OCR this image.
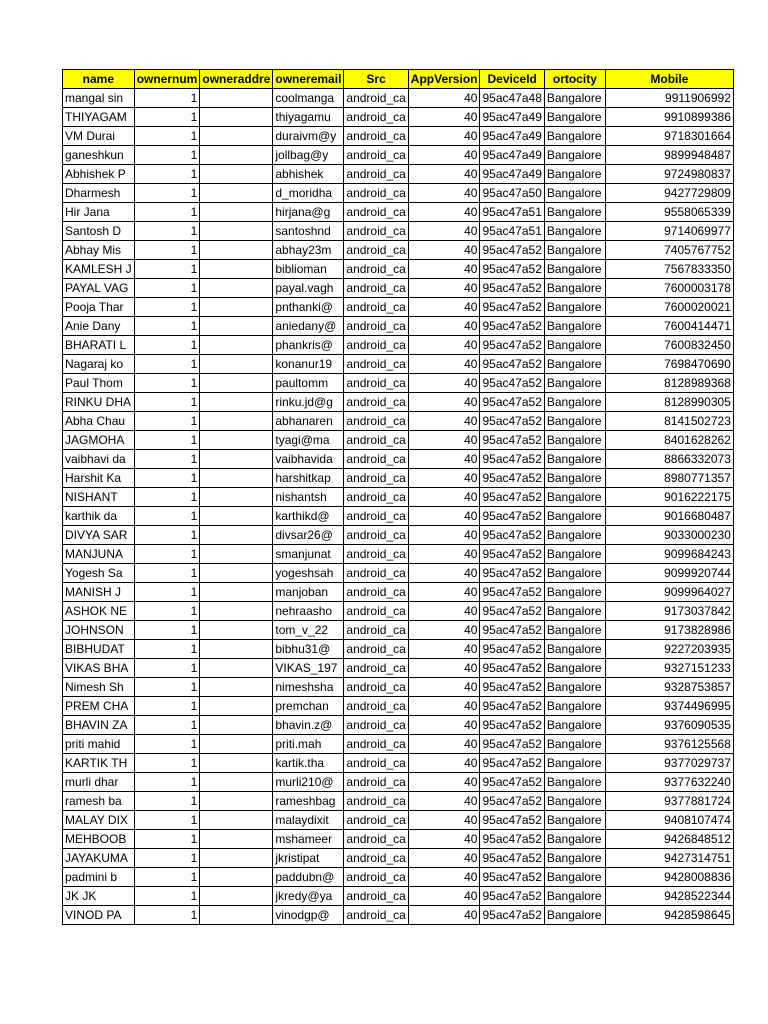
name	ownernum	owneraddre	owneremail	Src	AppVersion	DeviceId	ortocity	Mobile
mangal sin	1		coolmanga	android_ca	40	95ac47a48	Bangalore	9911906992
THIYAGAM	1		thiyagamu	android_ca	40	95ac47a49	Bangalore	9910899386
VM Durai	1		duraivm@y	android_ca	40	95ac47a49	Bangalore	9718301664
ganeshkun	1		jollbag@y	android_ca	40	95ac47a49	Bangalore	9899948487
Abhishek P	1		abhishek	android_ca	40	95ac47a49	Bangalore	9724980837
Dharmesh	1		d_moridha	android_ca	40	95ac47a50	Bangalore	9427729809
Hir Jana	1		hirjana@g	android_ca	40	95ac47a51	Bangalore	9558065339
Santosh D	1		santoshnd	android_ca	40	95ac47a51	Bangalore	9714069977
Abhay Mis	1		abhay23m	android_ca	40	95ac47a52	Bangalore	7405767752
KAMLESH J	1		biblioman	android_ca	40	95ac47a52	Bangalore	7567833350
PAYAL VAG	1		payal.vagh	android_ca	40	95ac47a52	Bangalore	7600003178
Pooja Thar	1		pnthanki@	android_ca	40	95ac47a52	Bangalore	7600020021
Anie Dany	1		aniedany@	android_ca	40	95ac47a52	Bangalore	7600414471
BHARATI L	1		phankris@	android_ca	40	95ac47a52	Bangalore	7600832450
Nagaraj ko	1		konanur19	android_ca	40	95ac47a52	Bangalore	7698470690
Paul Thom	1		paultomm	android_ca	40	95ac47a52	Bangalore	8128989368
RINKU DHA	1		rinku.jd@g	android_ca	40	95ac47a52	Bangalore	8128990305
Abha Chau	1		abhanaren	android_ca	40	95ac47a52	Bangalore	8141502723
JAGMOHA	1		tyagi@ma	android_ca	40	95ac47a52	Bangalore	8401628262
vaibhavi da	1		vaibhavida	android_ca	40	95ac47a52	Bangalore	8866332073
Harshit Ka	1		harshitkap	android_ca	40	95ac47a52	Bangalore	8980771357
NISHANT	1		nishantsh	android_ca	40	95ac47a52	Bangalore	9016222175
karthik da	1		karthikd@	android_ca	40	95ac47a52	Bangalore	9016680487
DIVYA SAR	1		divsar26@	android_ca	40	95ac47a52	Bangalore	9033000230
MANJUNA	1		smanjunat	android_ca	40	95ac47a52	Bangalore	9099684243
Yogesh Sa	1		yogeshsah	android_ca	40	95ac47a52	Bangalore	9099920744
MANISH J	1		manjoban	android_ca	40	95ac47a52	Bangalore	9099964027
ASHOK NE	1		nehraasho	android_ca	40	95ac47a52	Bangalore	9173037842
JOHNSON	1		tom_v_22	android_ca	40	95ac47a52	Bangalore	9173828986
BIBHUDAT	1		bibhu31@	android_ca	40	95ac47a52	Bangalore	9227203935
VIKAS BHA	1		VIKAS_197	android_ca	40	95ac47a52	Bangalore	9327151233
Nimesh Sh	1		nimeshsha	android_ca	40	95ac47a52	Bangalore	9328753857
PREM CHA	1		premchan	android_ca	40	95ac47a52	Bangalore	9374496995
BHAVIN ZA	1		bhavin.z@	android_ca	40	95ac47a52	Bangalore	9376090535
priti mahid	1		priti.mah	android_ca	40	95ac47a52	Bangalore	9376125568
KARTIK TH	1		kartik.tha	android_ca	40	95ac47a52	Bangalore	9377029737
murli dhar	1		murli210@	android_ca	40	95ac47a52	Bangalore	9377632240
ramesh ba	1		rameshbag	android_ca	40	95ac47a52	Bangalore	9377881724
MALAY DIX	1		malaydixit	android_ca	40	95ac47a52	Bangalore	9408107474
MEHBOOB	1		mshameer	android_ca	40	95ac47a52	Bangalore	9426848512
JAYAKUMA	1		jkristipat	android_ca	40	95ac47a52	Bangalore	9427314751
padmini b	1		paddubn@	android_ca	40	95ac47a52	Bangalore	9428008836
JK JK	1		jkredy@ya	android_ca	40	95ac47a52	Bangalore	9428522344
VINOD PA	1		vinodgp@	android_ca	40	95ac47a52	Bangalore	9428598645
